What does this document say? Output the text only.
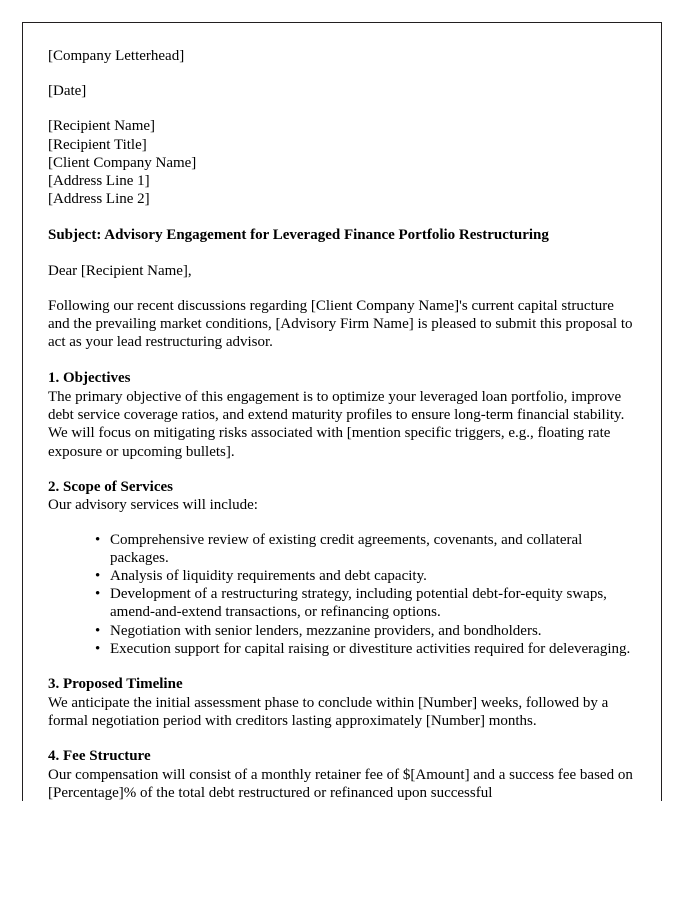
[Company Letterhead]
[Date]
[Recipient Name]
[Recipient Title]
[Client Company Name]
[Address Line 1]
[Address Line 2]
Subject: Advisory Engagement for Leveraged Finance Portfolio Restructuring
Dear [Recipient Name],
Following our recent discussions regarding [Client Company Name]'s current capital structure and the prevailing market conditions, [Advisory Firm Name] is pleased to submit this proposal to act as your lead restructuring advisor.
1. Objectives
The primary objective of this engagement is to optimize your leveraged loan portfolio, improve debt service coverage ratios, and extend maturity profiles to ensure long-term financial stability. We will focus on mitigating risks associated with [mention specific triggers, e.g., floating rate exposure or upcoming bullets].
2. Scope of Services
Our advisory services will include:
• Comprehensive review of existing credit agreements, covenants, and collateral packages.
• Analysis of liquidity requirements and debt capacity.
• Development of a restructuring strategy, including potential debt-for-equity swaps, amend-and-extend transactions, or refinancing options.
• Negotiation with senior lenders, mezzanine providers, and bondholders.
• Execution support for capital raising or divestiture activities required for deleveraging.
3. Proposed Timeline
We anticipate the initial assessment phase to conclude within [Number] weeks, followed by a formal negotiation period with creditors lasting approximately [Number] months.
4. Fee Structure
Our compensation will consist of a monthly retainer fee of $[Amount] and a success fee based on [Percentage]% of the total debt restructured or refinanced upon successful
